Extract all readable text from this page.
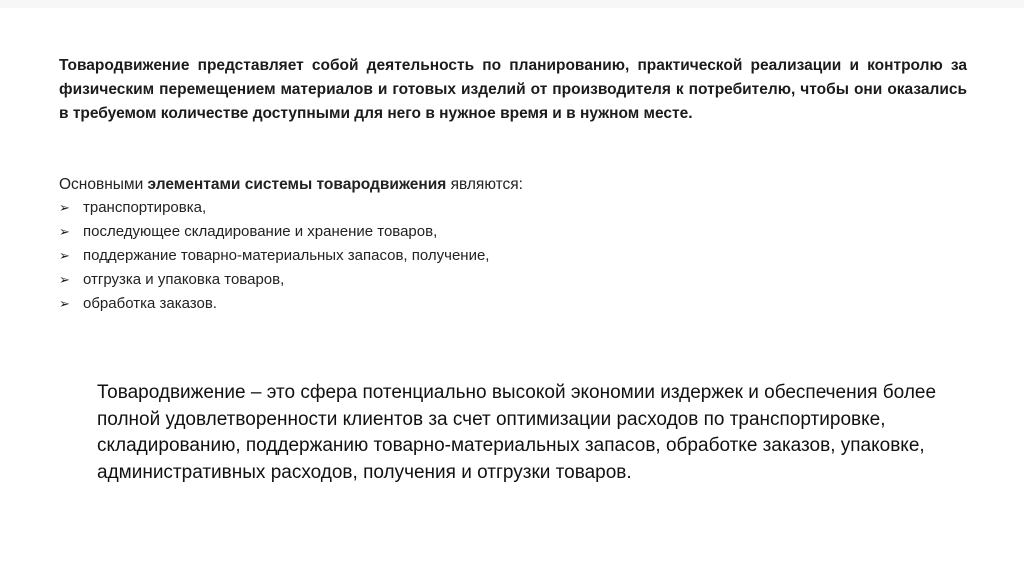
Товародвижение представляет собой деятельность по планированию, практической реализации и контролю за физическим перемещением материалов и готовых изделий от производителя к потребителю, чтобы они оказались в требуемом количестве доступными для него в нужное время и в нужном месте.

Основными элементами системы товародвижения являются:
➢ транспортировка,
➢ последующее складирование и хранение товаров,
➢ поддержание товарно-материальных запасов, получение,
➢ отгрузка и упаковка товаров,
➢ обработка заказов.

Товародвижение – это сфера потенциально высокой экономии издержек и обеспечения более полной удовлетворенности клиентов за счет оптимизации расходов по транспортировке, складированию, поддержанию товарно-материальных запасов, обработке заказов, упаковке, административных расходов, получения и отгрузки товаров.
